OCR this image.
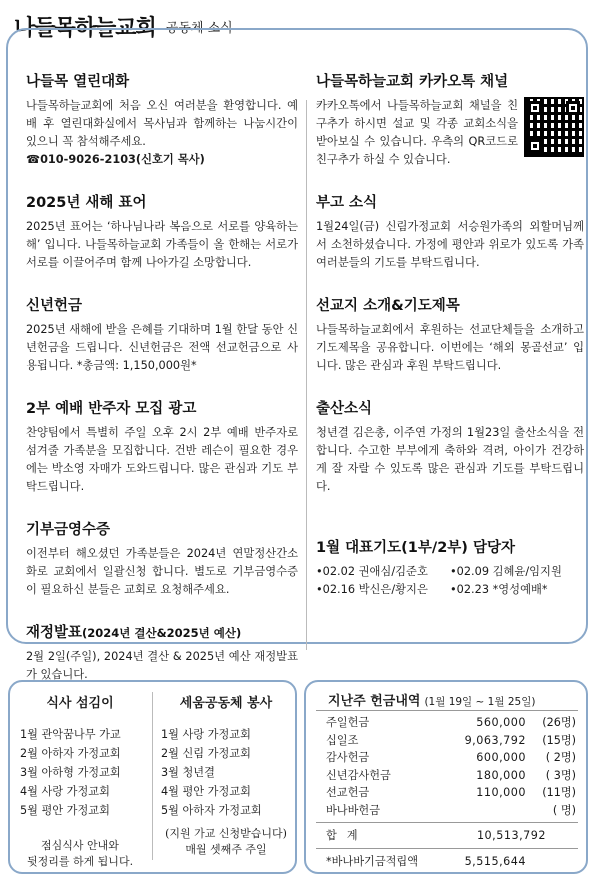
나들목하늘교회 공동체 소식
나들목 열린대화

나들목하늘교회에 처음 오신 여러분을 환영합니다. 예배 후 열린대화실에서 목사님과 함께하는 나눔시간이 있으니 꼭 참석해주세요.

☎010-9026-2103(신호기 목사)
2025년 새해 표어

2025년 표어는 ‘하나님나라 복음으로 서로를 양육하는 해’ 입니다. 나들목하늘교회 가족들이 올 한해는 서로가 서로를 이끌어주며 함께 나아가길 소망합니다.

신년헌금

2025년 새해에 받을 은혜를 기대하며 1월 한달 동안 신년헌금을 드립니다. 신년헌금은 전액 선교헌금으로 사용됩니다. *총금액: 1,150,000원*

2부 예배 반주자 모집 광고

찬양팀에서 특별히 주일 오후 2시 2부 예배 반주자로 섬겨줄 가족분을 모집합니다. 건반 레슨이 필요한 경우에는 박소영 자매가 도와드립니다. 많은 관심과 기도 부탁드립니다.

기부금영수증

이전부터 해오셨던 가족분들은 2024년 연말정산간소화로 교회에서 일괄신청 합니다. 별도로 기부금영수증이 필요하신 분들은 교회로 요청해주세요.

재정발표(2024년 결산&2025년 예산)

2월 2일(주일), 2024년 결산 & 2025년 예산 재정발표가 있습니다.

나들목하늘교회 카카오톡 채널

카카오톡에서 나들목하늘교회 채널을 친구추가 하시면 설교 및 각종 교회소식을 받아보실 수 있습니다. 우측의 QR코드로 친구추가 하실 수 있습니다.

부고 소식

1월24일(금) 신림가정교회 서승원가족의 외할머님께서 소천하셨습니다. 가정에 평안과 위로가 있도록 가족 여러분들의 기도를 부탁드립니다.

선교지 소개&기도제목

나들목하늘교회에서 후원하는 선교단체들을 소개하고 기도제목을 공유합니다. 이번에는 ‘해외 몽골선교’ 입니다. 많은 관심과 후원 부탁드립니다.

출산소식

청년결 김은총, 이주연 가정의 1월23일 출산소식을 전합니다. 수고한 부부에게 축하와 격려, 아이가 건강하게 잘 자랄 수 있도록 많은 관심과 기도를 부탁드립니다.

1월 대표기도(1부/2부) 담당자
•02.02 권애심/김준호	•02.09 김혜윤/임지원
•02.16 박신은/황지은	•02.23 *영성예배*
식사 섬김이
1월 관악꿈나무 가교
2월 아하자 가정교회
3월 아하형 가정교회
4월 사랑 가정교회
5월 평안 가정교회
점심식사 안내와
뒷정리를 하게 됩니다.
세움공동체 봉사
1월 사랑 가정교회
2월 신림 가정교회
3월 청년결
4월 평안 가정교회
5월 아하자 가정교회
(지원 가교 신청받습니다)
매월 셋째주 주일
지난주 헌금내역 (1월 19일 ~ 1월 25일)
주일헌금	560,000	(26명)
십일조	9,063,792	(15명)
감사헌금	600,000	( 2명)
신년감사헌금	180,000	( 3명)
선교헌금	110,000	(11명)
바나바헌금	( 명)
합계	10,513,792
*바나바기금적립액	5,515,644
